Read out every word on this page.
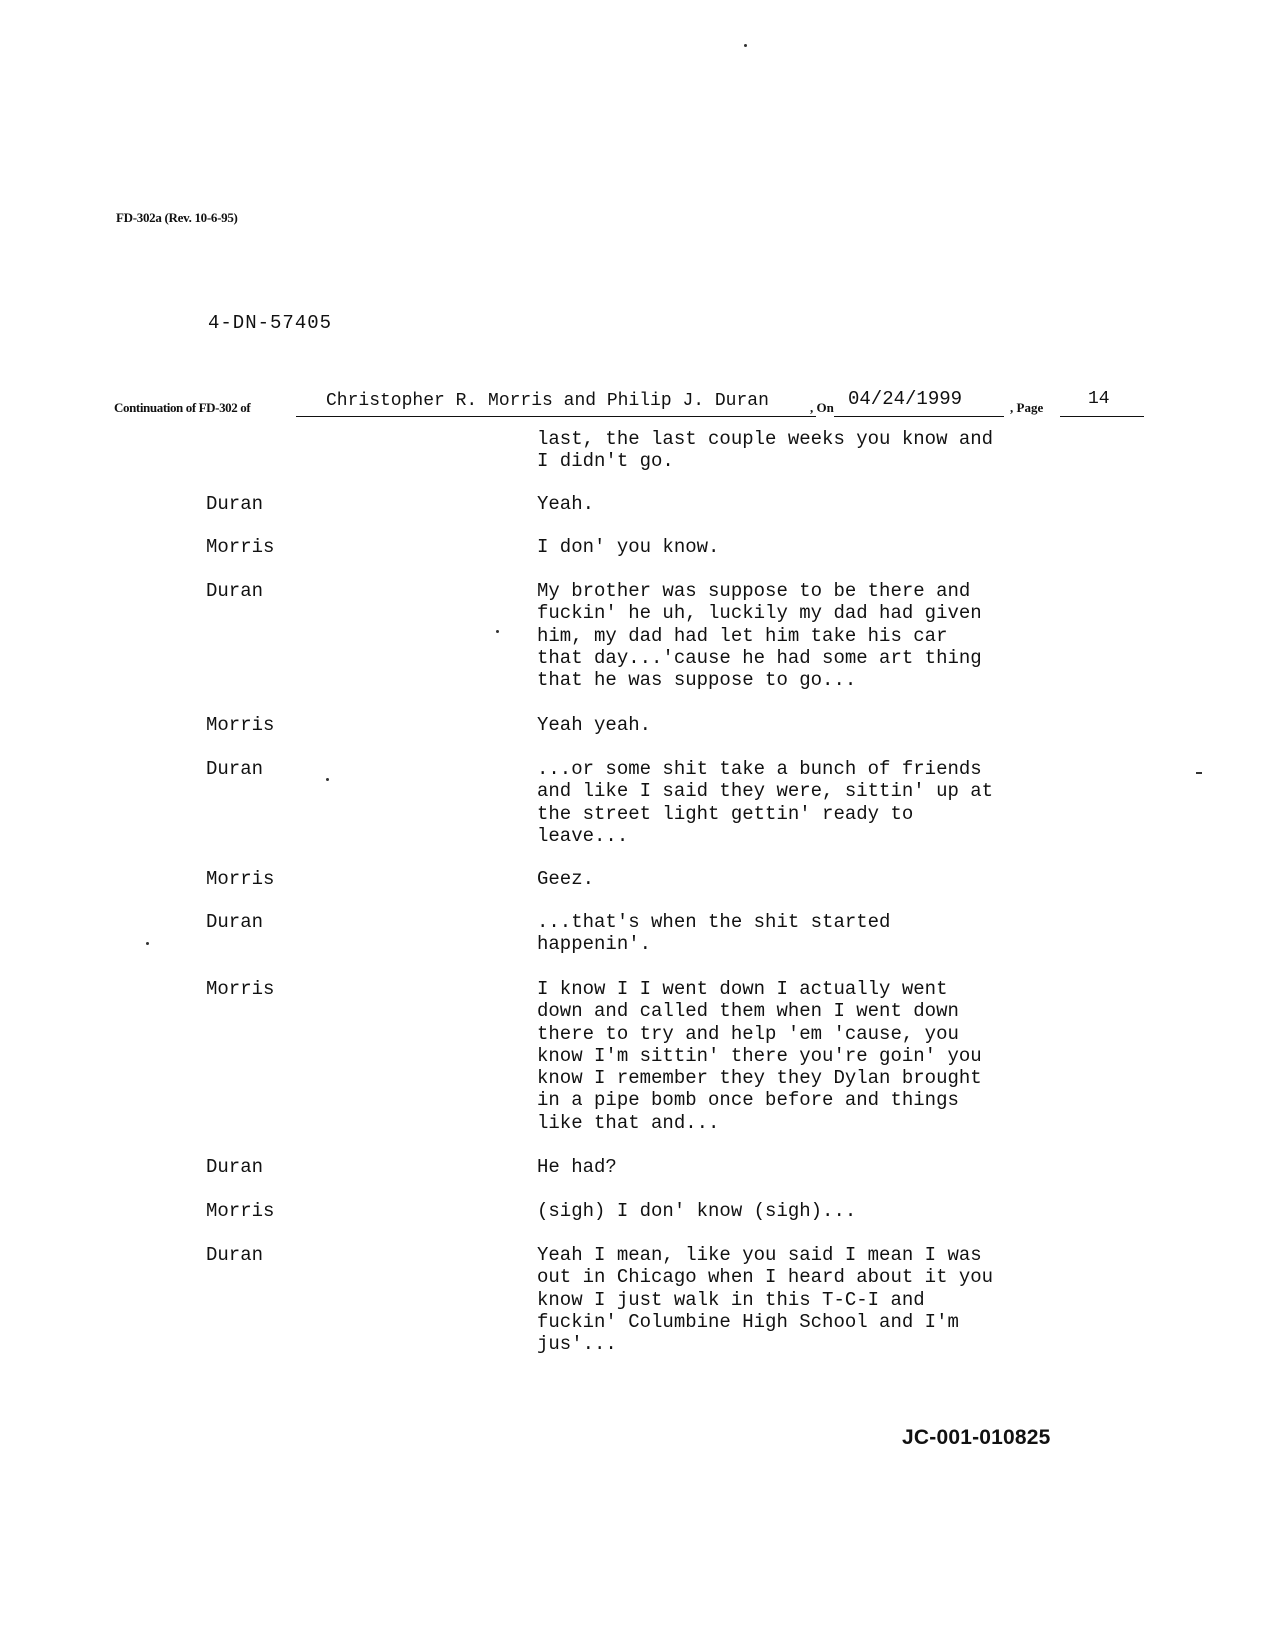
FD-302a (Rev. 10-6-95)
4-DN-57405
Continuation of FD-302 of	Christopher R. Morris and Philip J. Duran	, On 04/24/1999	, Page 14
last, the last couple weeks you know and
I didn't go.
Duran	Yeah.
Morris	I don' you know.
Duran	My brother was suppose to be there and
fuckin' he uh, luckily my dad had given
him, my dad had let him take his car
that day...'cause he had some art thing
that he was suppose to go...
Morris	Yeah yeah.
Duran	...or some shit take a bunch of friends
and like I said they were, sittin' up at
the street light gettin' ready to
leave...
Morris	Geez.
Duran	...that's when the shit started
happenin'.
Morris	I know I I went down I actually went
down and called them when I went down
there to try and help 'em 'cause, you
know I'm sittin' there you're goin' you
know I remember they they Dylan brought
in a pipe bomb once before and things
like that and...
Duran	He had?
Morris	(sigh) I don' know (sigh)...
Duran	Yeah I mean, like you said I mean I was
out in Chicago when I heard about it you
know I just walk in this T-C-I and
fuckin' Columbine High School and I'm
jus'...
JC-001-010825
